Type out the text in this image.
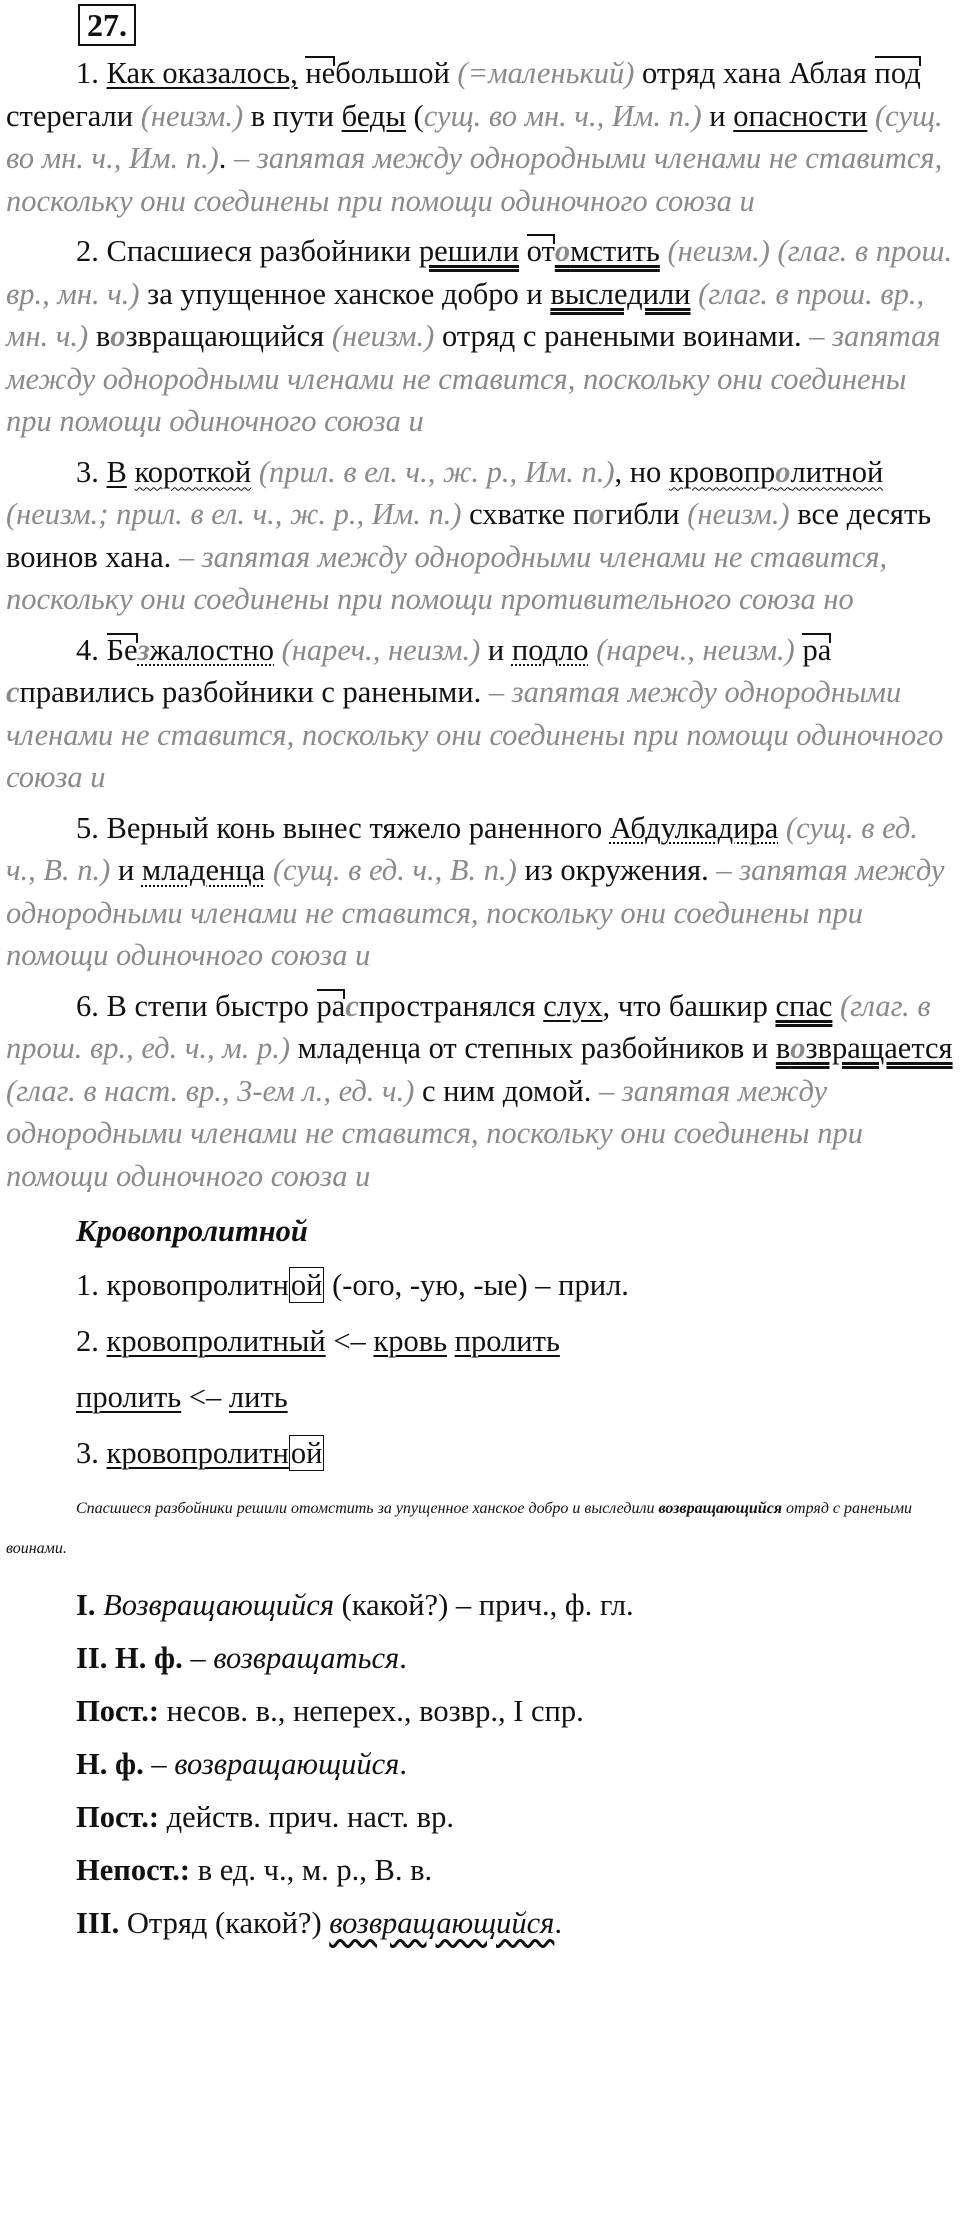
27.

1. Как оказалось, небольшой (=маленький) отряд хана Аблая подстерегали (неизм.) в пути беды (сущ. во мн. ч., Им. п.) и опасности (сущ. во мн. ч., Им. п.). – запятая между однородными членами не ставится, поскольку они соединены при помощи одиночного союза и

2. Спасшиеся разбойники решили отомстить (неизм.) (глаг. в прош. вр., мн. ч.) за упущенное ханское добро и выследили (глаг. в прош. вр., мн. ч.) возвращающийся (неизм.) отряд с ранеными воинами. – запятая между однородными членами не ставится, поскольку они соединены при помощи одиночного союза и

3. В короткой (прил. в ел. ч., ж. р., Им. п.), но кровопролитной (неизм.; прил. в ел. ч., ж. р., Им. п.) схватке погибли (неизм.) все десять воинов хана. – запятая между однородными членами не ставится, поскольку они соединены при помощи противительного союза но

4. Безжалостно (нареч., неизм.) и подло (нареч., неизм.) расправились разбойники с ранеными. – запятая между однородными членами не ставится, поскольку они соединены при помощи одиночного союза и

5. Верный конь вынес тяжело раненного Абдулкадира (сущ. в ед. ч., В. п.) и младенца (сущ. в ед. ч., В. п.) из окружения. – запятая между однородными членами не ставится, поскольку они соединены при помощи одиночного союза и

6. В степи быстро распространялся слух, что башкир спас (глаг. в прош. вр., ед. ч., м. р.) младенца от степных разбойников и возвращается (глаг. в наст. вр., 3-ем л., ед. ч.) с ним домой. – запятая между однородными членами не ставится, поскольку они соединены при помощи одиночного союза и

Кровопролитной
1. кровопролитной (-ого, -ую, -ые) – прил.
2. кровопролитный <– кровь пролить
пролить <– лить
3. кровопролитной

Спасшиеся разбойники решили отомстить за упущенное ханское добро и выследили возвращающийся отряд с ранеными воинами.

I. Возвращающийся (какой?) – прич., ф. гл.
II. Н. ф. – возвращаться.
Пост.: несов. в., неперех., возвр., I спр.
Н. ф. – возвращающийся.
Пост.: действ. прич. наст. вр.
Непост.: в ед. ч., м. р., В. в.
III. Отряд (какой?) возвращающийся.
